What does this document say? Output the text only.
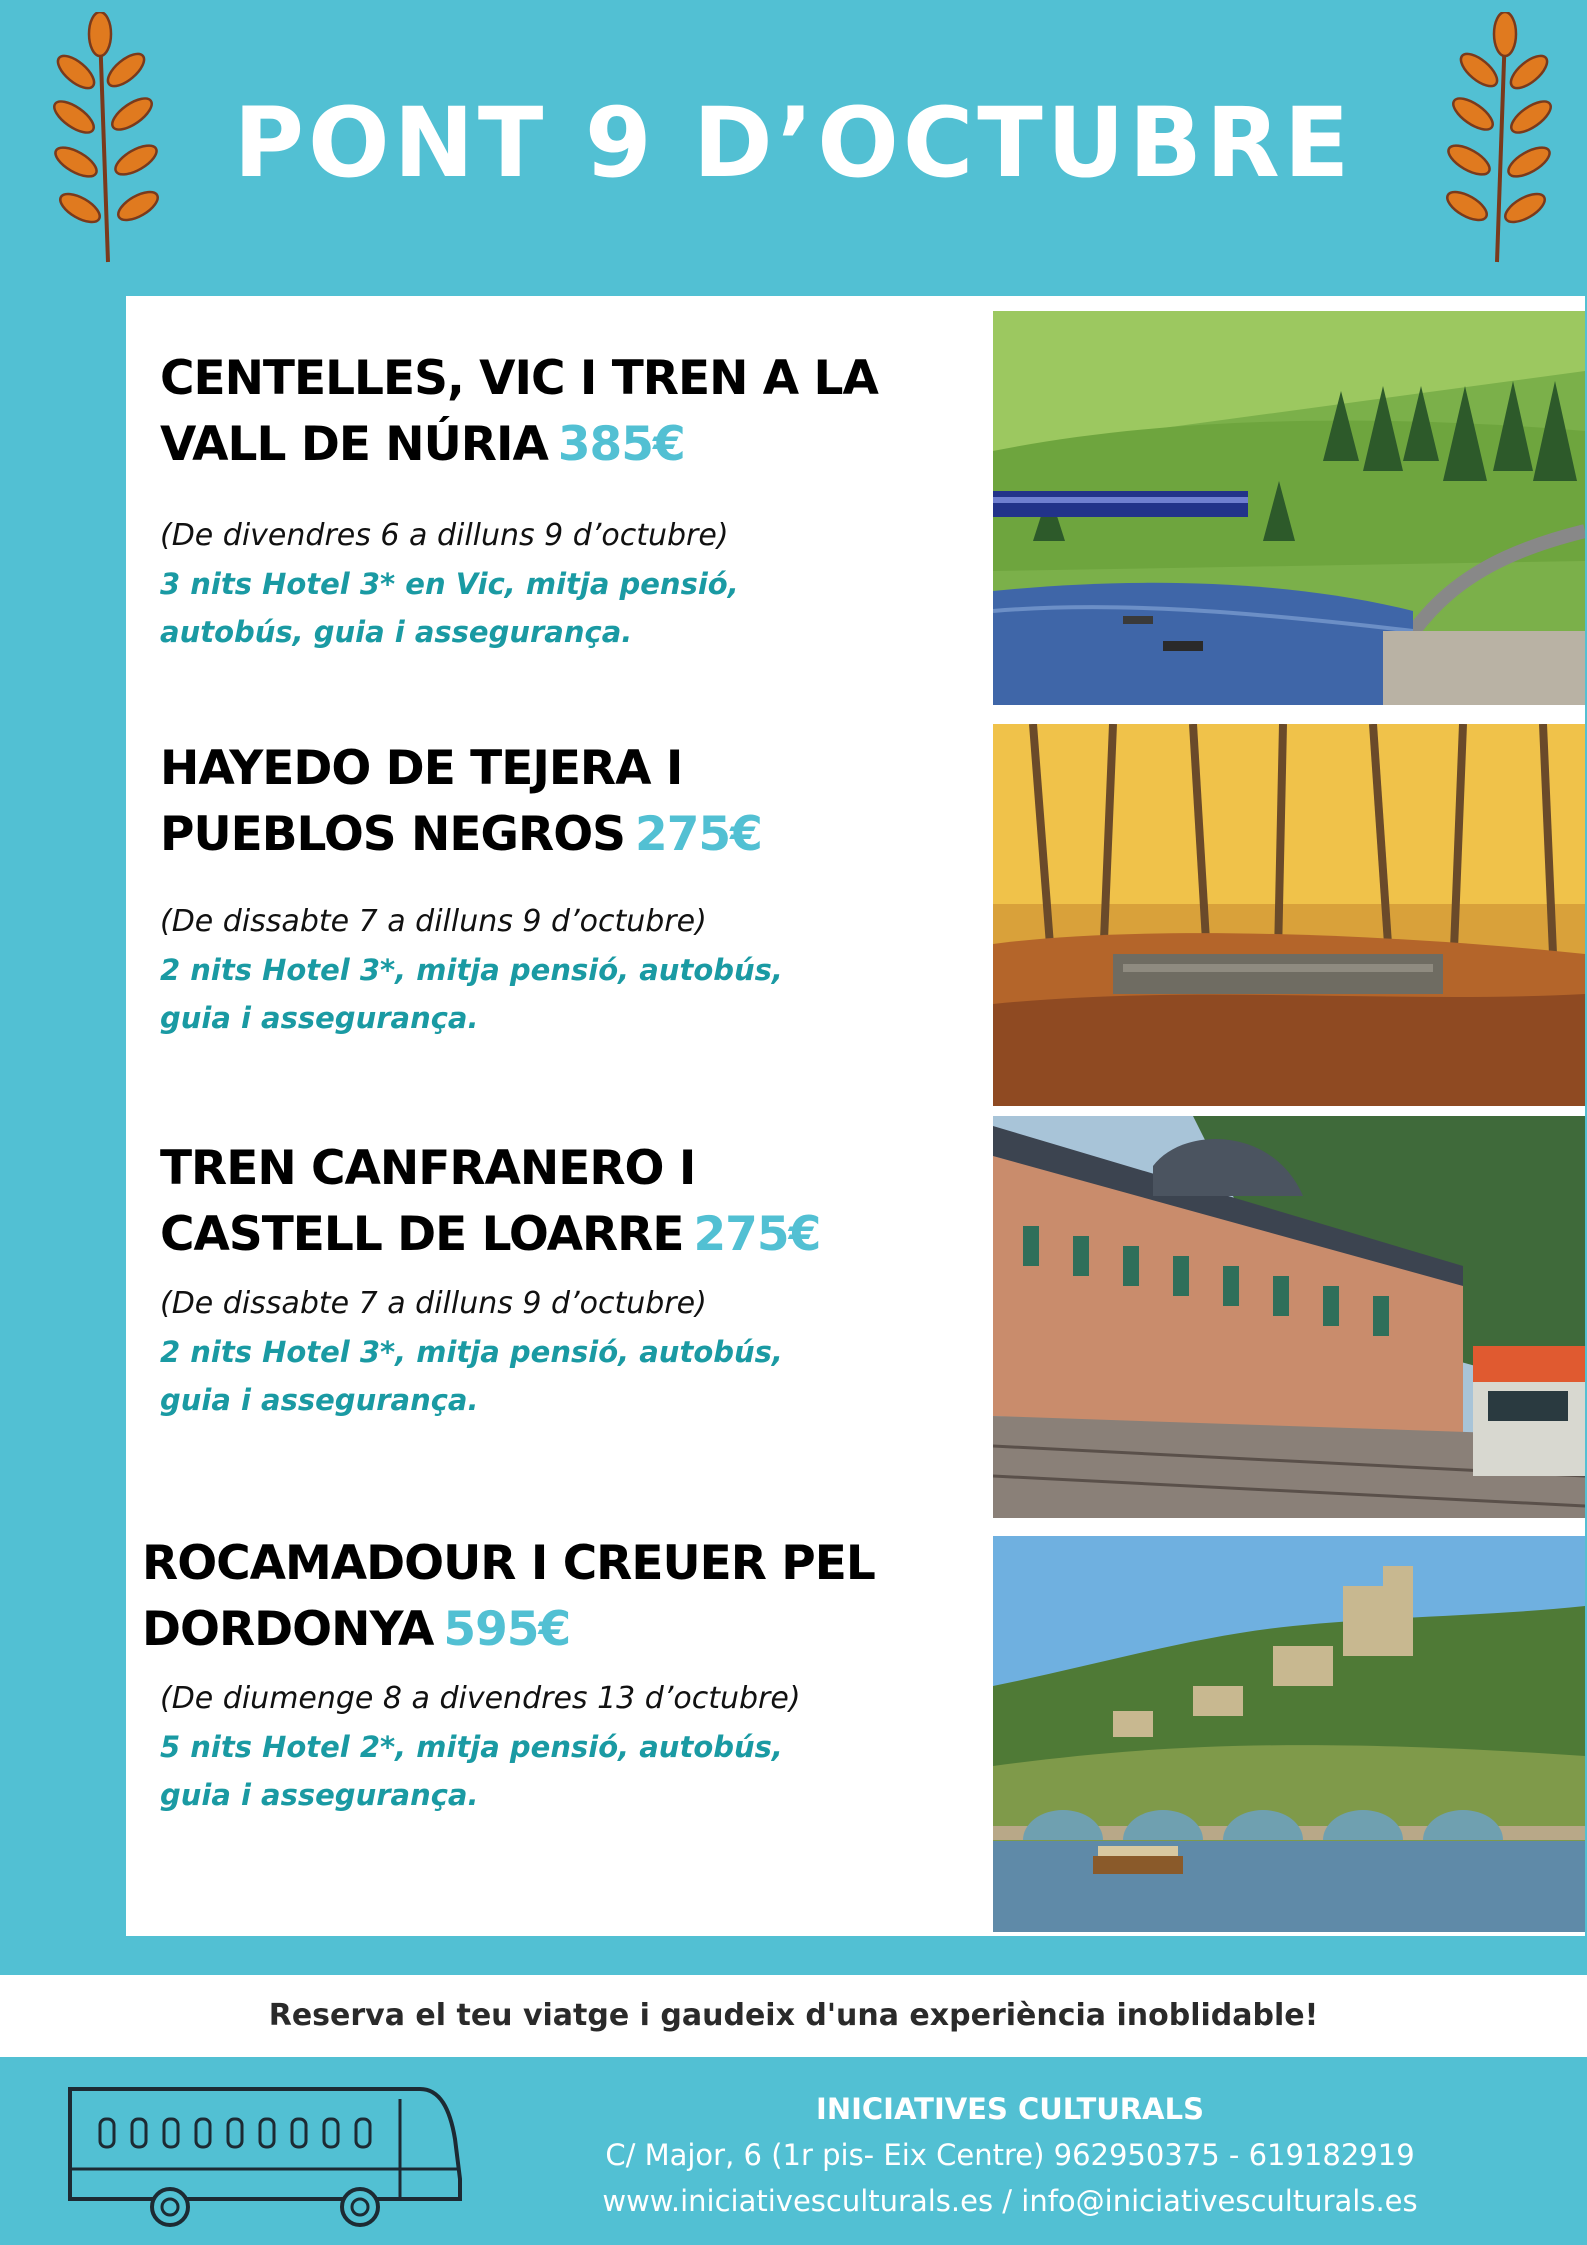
PONT 9 D’OCTUBRE

CENTELLES, VIC I TREN A LA
VALL DE NÚRIA 385€

(De divendres 6 a dilluns 9 d’octubre)

3 nits Hotel 3* en Vic, mitja pensió,

autobús, guia i assegurança.

HAYEDO DE TEJERA I
PUEBLOS NEGROS 275€

(De dissabte 7 a dilluns 9 d’octubre)

2 nits Hotel 3*, mitja pensió, autobús,

guia i assegurança.

TREN CANFRANERO I
CASTELL DE LOARRE 275€

(De dissabte 7 a dilluns 9 d’octubre)

2 nits Hotel 3*, mitja pensió, autobús,

guia i assegurança.

ROCAMADOUR I CREUER PEL
DORDONYA 595€

(De diumenge 8 a divendres 13 d’octubre)

5 nits Hotel 2*, mitja pensió, autobús,

guia i assegurança.

Reserva el teu viatge i gaudeix d'una experiència inoblidable!
INICIATIVES CULTURALS
C/ Major, 6 (1r pis- Eix Centre) 962950375 - 619182919
www.iniciativesculturals.es / info@iniciativesculturals.es
